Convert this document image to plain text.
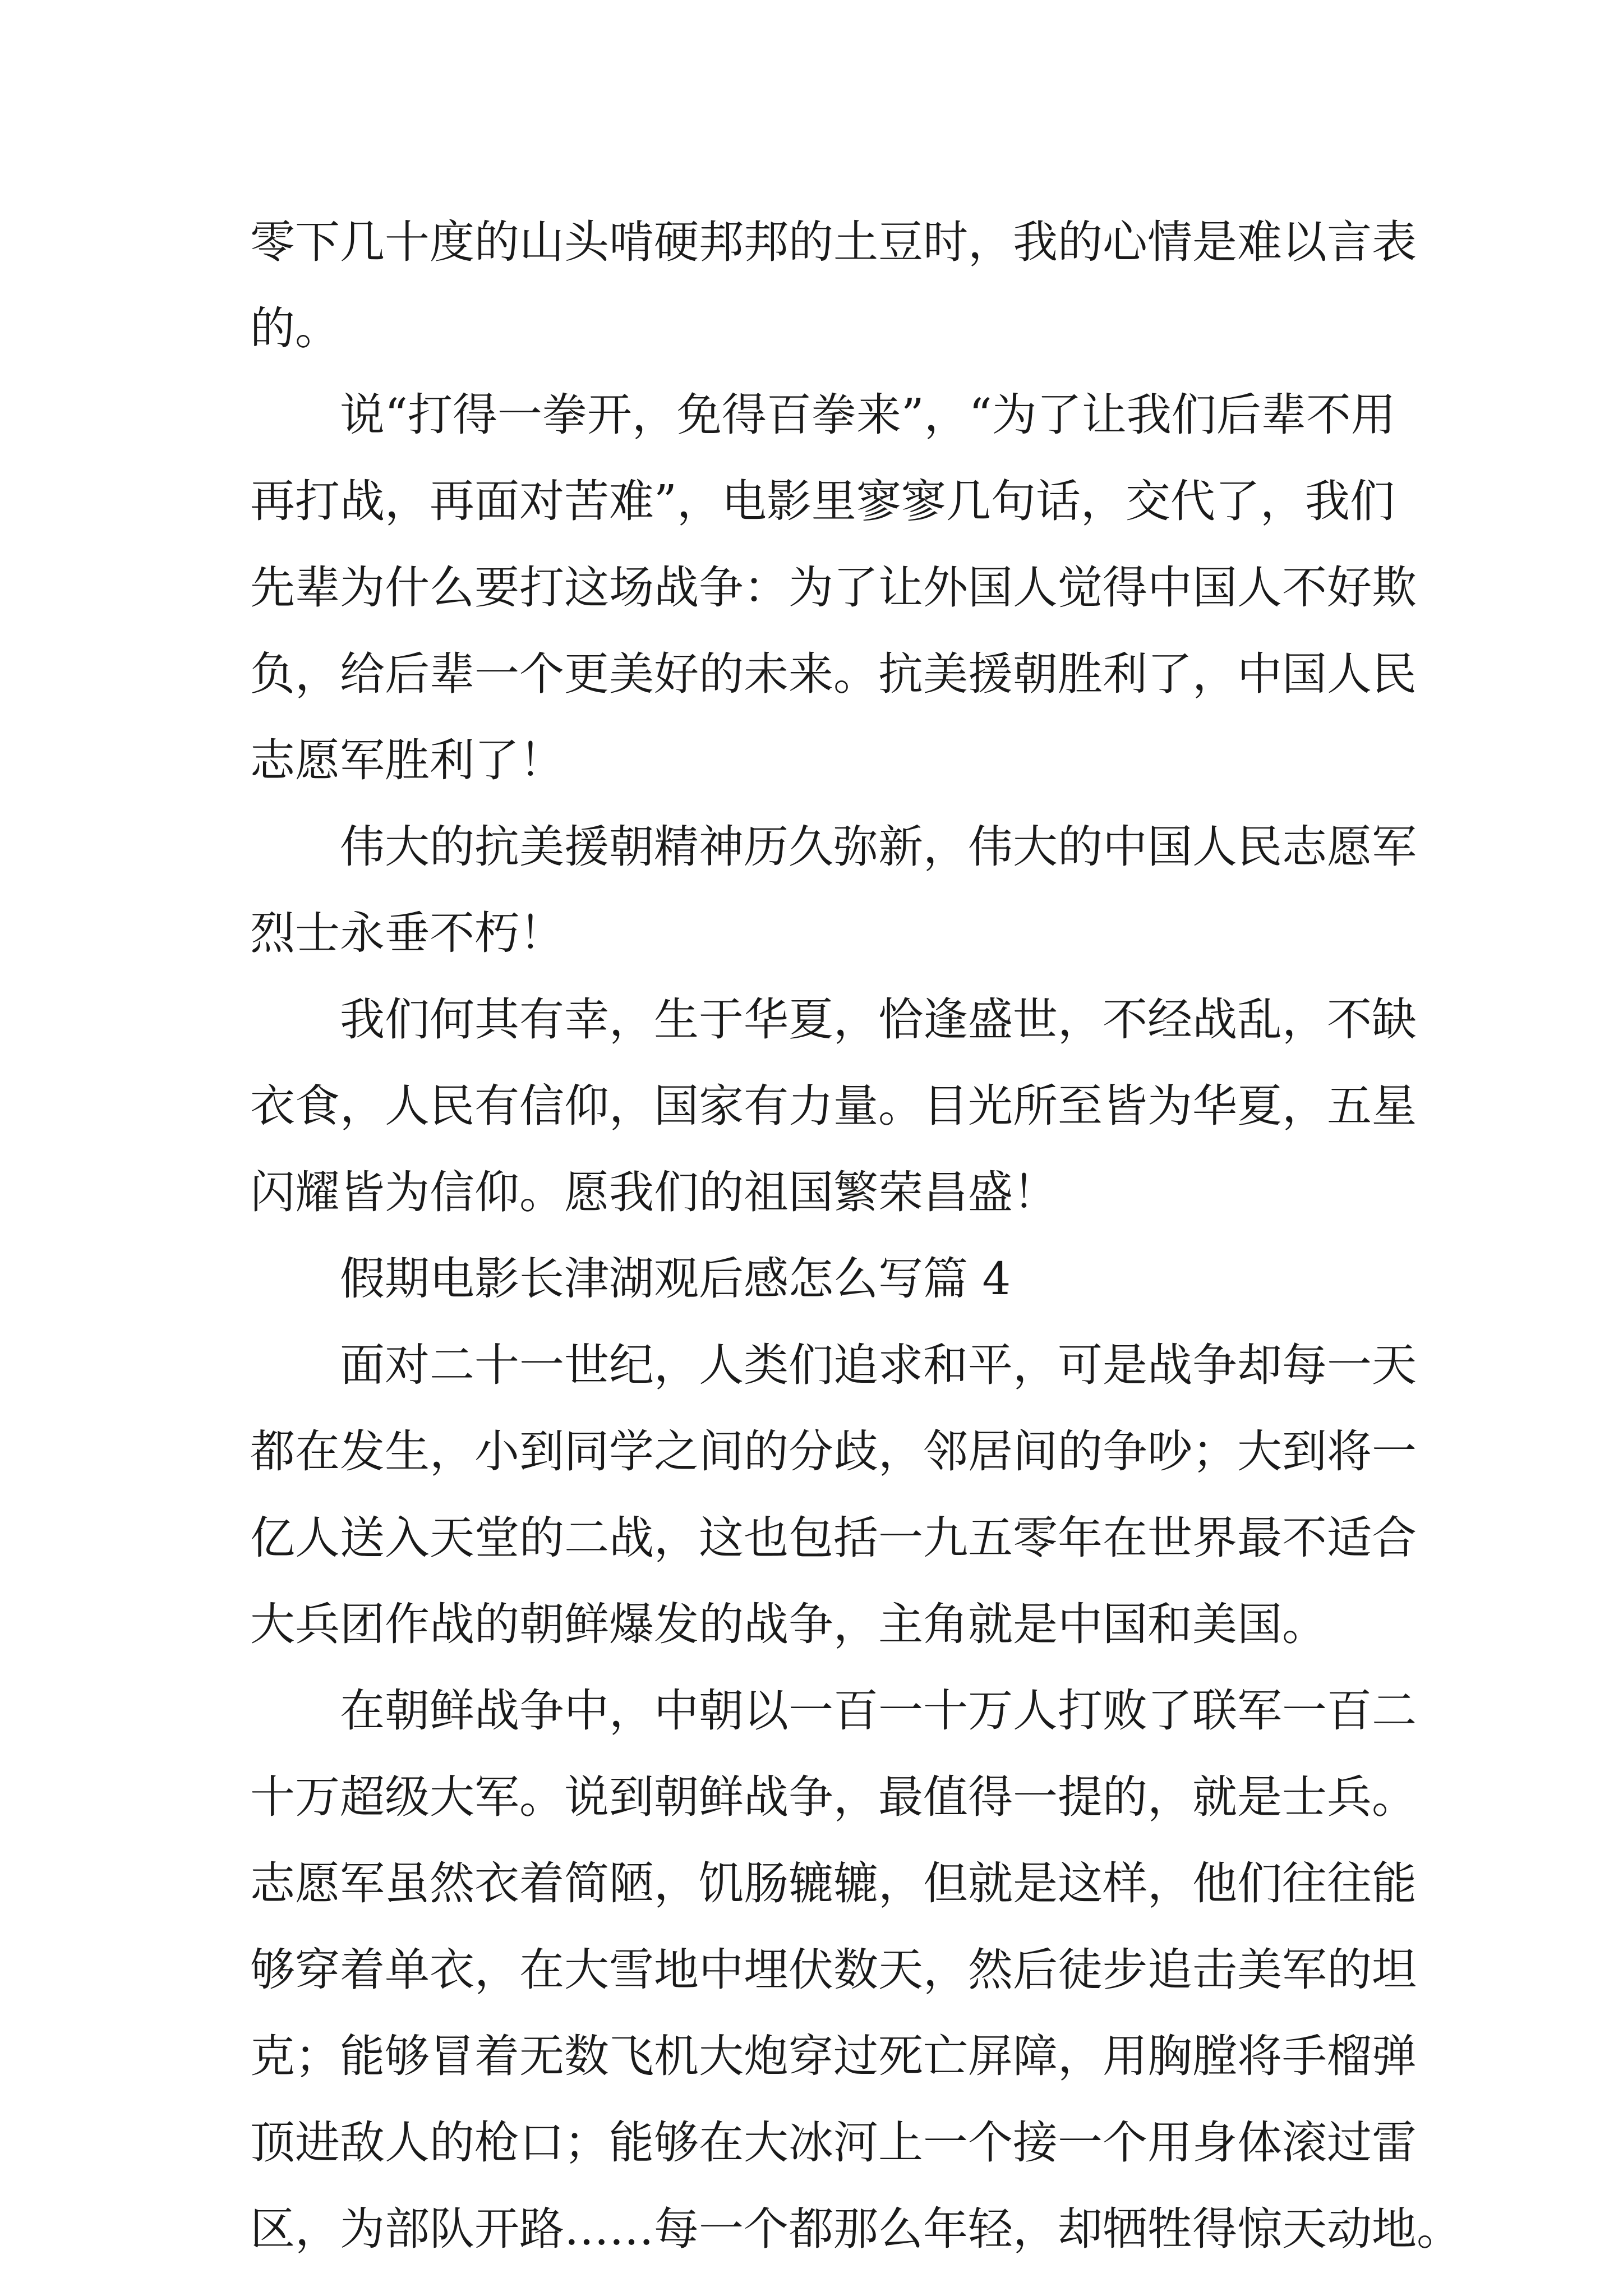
零下几十度的山头啃硬邦邦的土豆时，我的心情是难以言表
的。
说“打得一拳开，免得百拳来”，“为了让我们后辈不用
再打战，再面对苦难”，电影里寥寥几句话，交代了，我们
先辈为什么要打这场战争：为了让外国人觉得中国人不好欺
负，给后辈一个更美好的未来。抗美援朝胜利了，中国人民
志愿军胜利了！
伟大的抗美援朝精神历久弥新，伟大的中国人民志愿军
烈士永垂不朽！
我们何其有幸，生于华夏，恰逢盛世，不经战乱，不缺
衣食，人民有信仰，国家有力量。目光所至皆为华夏，五星
闪耀皆为信仰。愿我们的祖国繁荣昌盛！
假期电影长津湖观后感怎么写篇 4
面对二十一世纪，人类们追求和平，可是战争却每一天
都在发生，小到同学之间的分歧，邻居间的争吵；大到将一
亿人送入天堂的二战，这也包括一九五零年在世界最不适合
大兵团作战的朝鲜爆发的战争，主角就是中国和美国。
在朝鲜战争中，中朝以一百一十万人打败了联军一百二
十万超级大军。说到朝鲜战争，最值得一提的，就是士兵。
志愿军虽然衣着简陋，饥肠辘辘，但就是这样，他们往往能
够穿着单衣，在大雪地中埋伏数天，然后徒步追击美军的坦
克；能够冒着无数飞机大炮穿过死亡屏障，用胸膛将手榴弹
顶进敌人的枪口；能够在大冰河上一个接一个用身体滚过雷
区，为部队开路……每一个都那么年轻，却牺牲得惊天动地。
